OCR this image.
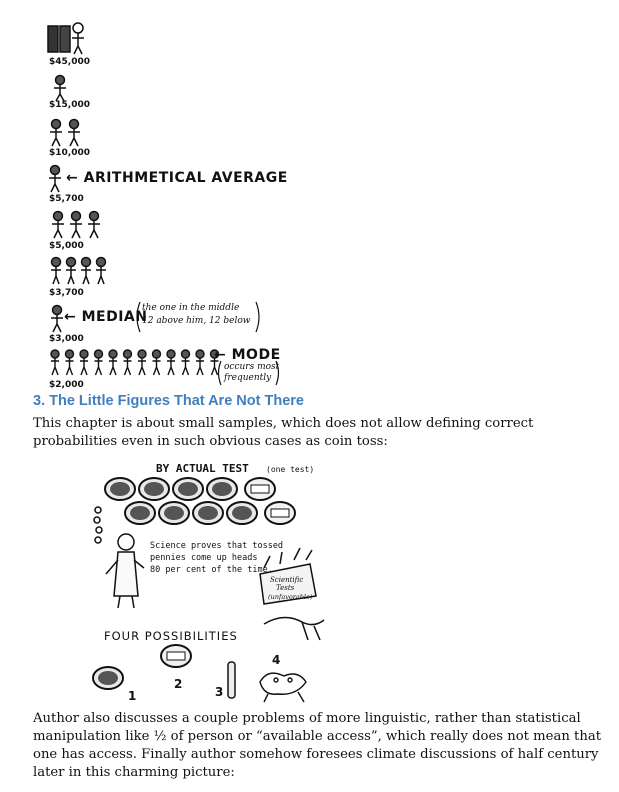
$45,000
$15,000
$10,000
← ARITHMETICAL AVERAGE
$5,700
$5,000
$3,700
← MEDIAN
the one in the middle
12 above him, 12 below
$3,000
← MODE
occurs most
frequently
$2,000
3. The Little Figures That Are Not There
This chapter is about small samples, which does not allow defining correct probabilities even in such obvious cases as coin toss:
BY ACTUAL TEST (one test)
Science proves that tossed
pennies come up heads
80 per cent of the time.
Scientific
Tests
(unfavorable)
FOUR POSSIBILITIES
4
1
2
3
Author also discusses a couple problems of more linguistic, rather than statistical manipulation like ½ of person or “available access”, which really does not mean that one has access. Finally author somehow foresees climate discussions of half century later in this charming picture:
